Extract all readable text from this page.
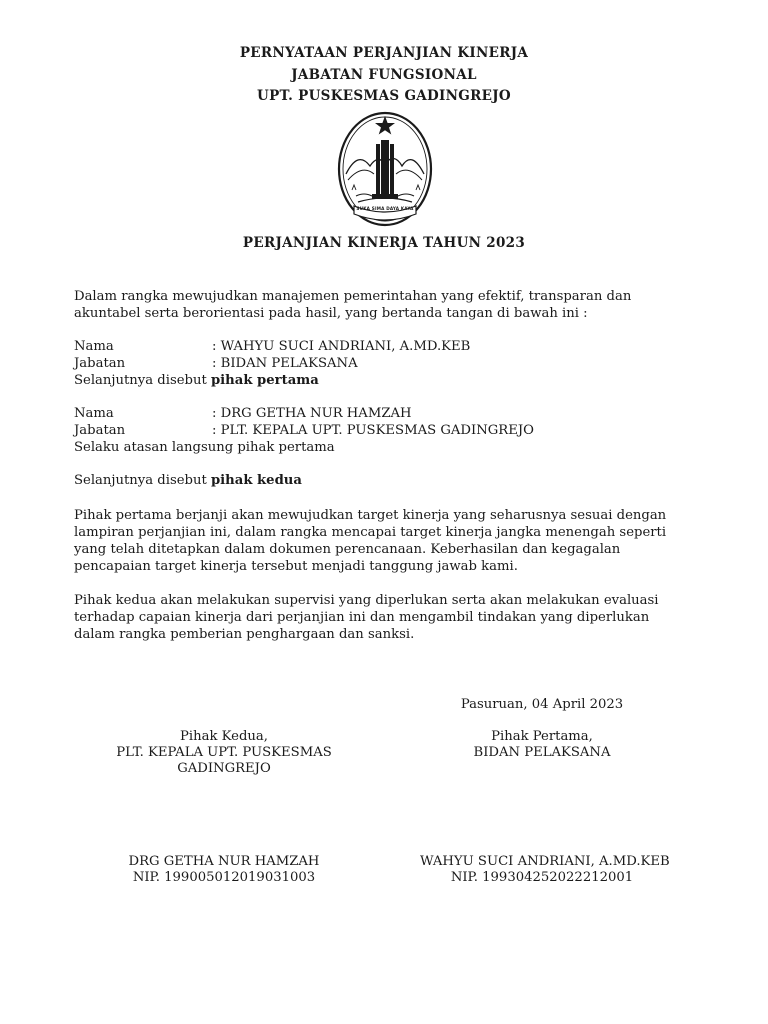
PERNYATAAN PERJANJIAN KINERJA
JABATAN FUNGSIONAL
UPT. PUSKESMAS GADINGREJO
SUKA SIMA DAYA KAYA
PERJANJIAN KINERJA TAHUN 2023
Dalam rangka mewujudkan manajemen pemerintahan yang efektif, transparan dan
akuntabel serta berorientasi pada hasil, yang bertanda tangan di bawah ini :
Nama	: WAHYU SUCI ANDRIANI, A.MD.KEB
Jabatan	: BIDAN PELAKSANA
Selanjutnya disebut pihak pertama
Nama	: DRG GETHA NUR HAMZAH
Jabatan	: PLT. KEPALA UPT. PUSKESMAS GADINGREJO
Selaku atasan langsung pihak pertama
Selanjutnya disebut pihak kedua
Pihak pertama berjanji akan mewujudkan target kinerja yang seharusnya sesuai dengan
lampiran perjanjian ini, dalam rangka mencapai target kinerja jangka menengah seperti
yang telah ditetapkan dalam dokumen perencanaan. Keberhasilan dan kegagalan
pencapaian target kinerja tersebut menjadi tanggung jawab kami.
Pihak kedua akan melakukan supervisi yang diperlukan serta akan melakukan evaluasi
terhadap capaian kinerja dari perjanjian ini dan mengambil tindakan yang diperlukan
dalam rangka pemberian penghargaan dan sanksi.
Pasuruan, 04 April 2023
Pihak Kedua,
PLT. KEPALA UPT. PUSKESMAS
GADINGREJO
DRG GETHA NUR HAMZAH
NIP. 199005012019031003
Pihak Pertama,
BIDAN PELAKSANA
WAHYU SUCI ANDRIANI, A.MD.KEB
NIP. 199304252022212001
